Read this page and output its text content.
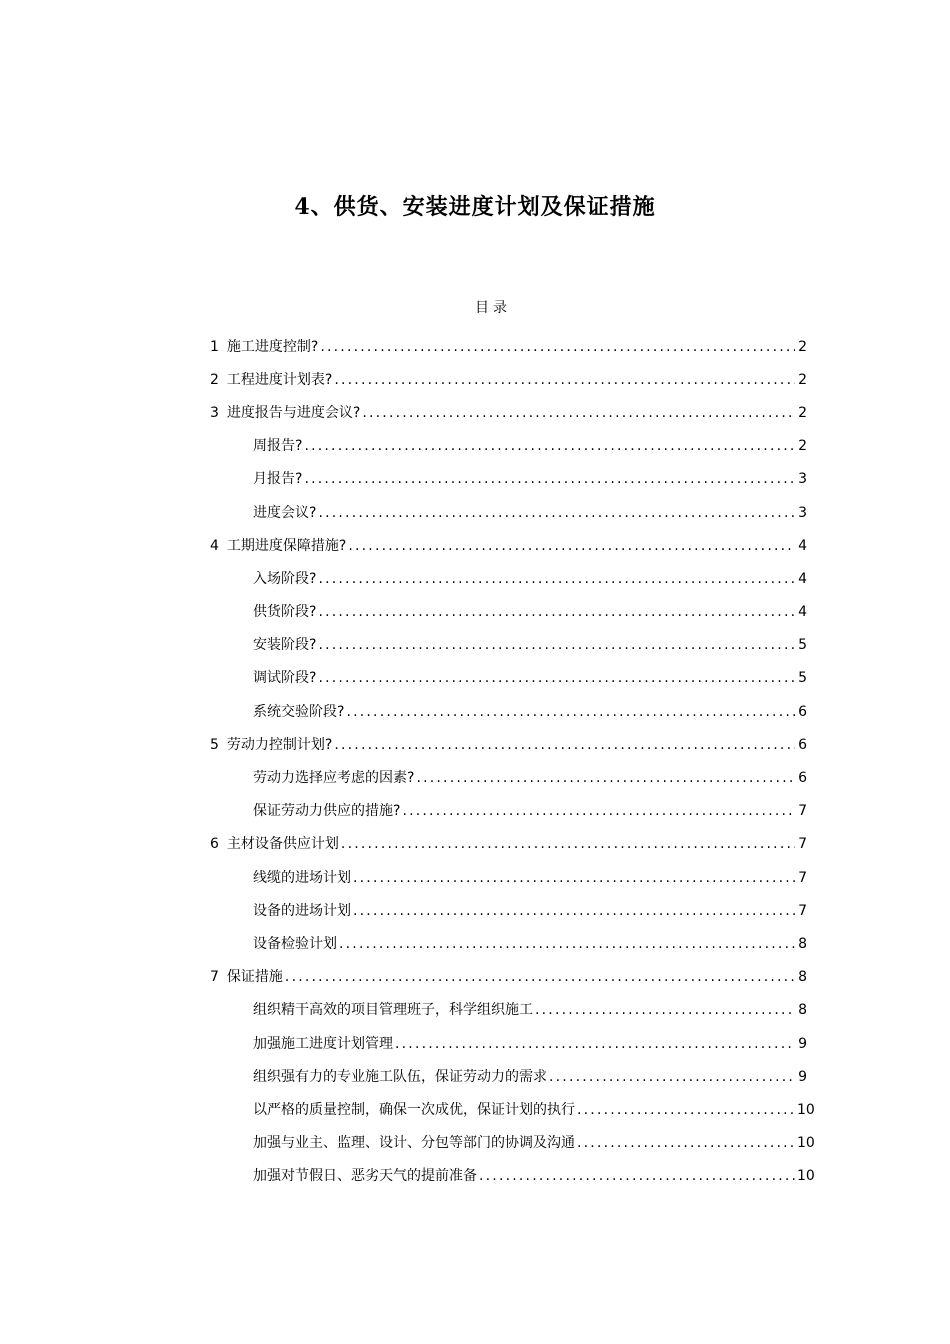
4、供货、安装进度计划及保证措施
目录
1 施工进度控制? .....	2
2 工程进度计划表? .....	2
3 进度报告与进度会议? .....	2
周报告? .....	2
月报告? .....	3
进度会议? .....	3
4 工期进度保障措施? .....	4
入场阶段? .....	4
供货阶段? .....	4
安装阶段? .....	5
调试阶段? .....	5
系统交验阶段? .....	6
5 劳动力控制计划? .....	6
劳动力选择应考虑的因素? .....	6
保证劳动力供应的措施? .....	7
6 主材设备供应计划 .....	7
线缆的进场计划 .....	7
设备的进场计划 .....	7
设备检验计划 .....	8
7 保证措施 .....	8
组织精干高效的项目管理班子，科学组织施工 .....	8
加强施工进度计划管理 .....	9
组织强有力的专业施工队伍，保证劳动力的需求 .....	9
以严格的质量控制，确保一次成优，保证计划的执行 .....	10
加强与业主、监理、设计、分包等部门的协调及沟通 .....	10
加强对节假日、恶劣天气的提前准备 .....	10
